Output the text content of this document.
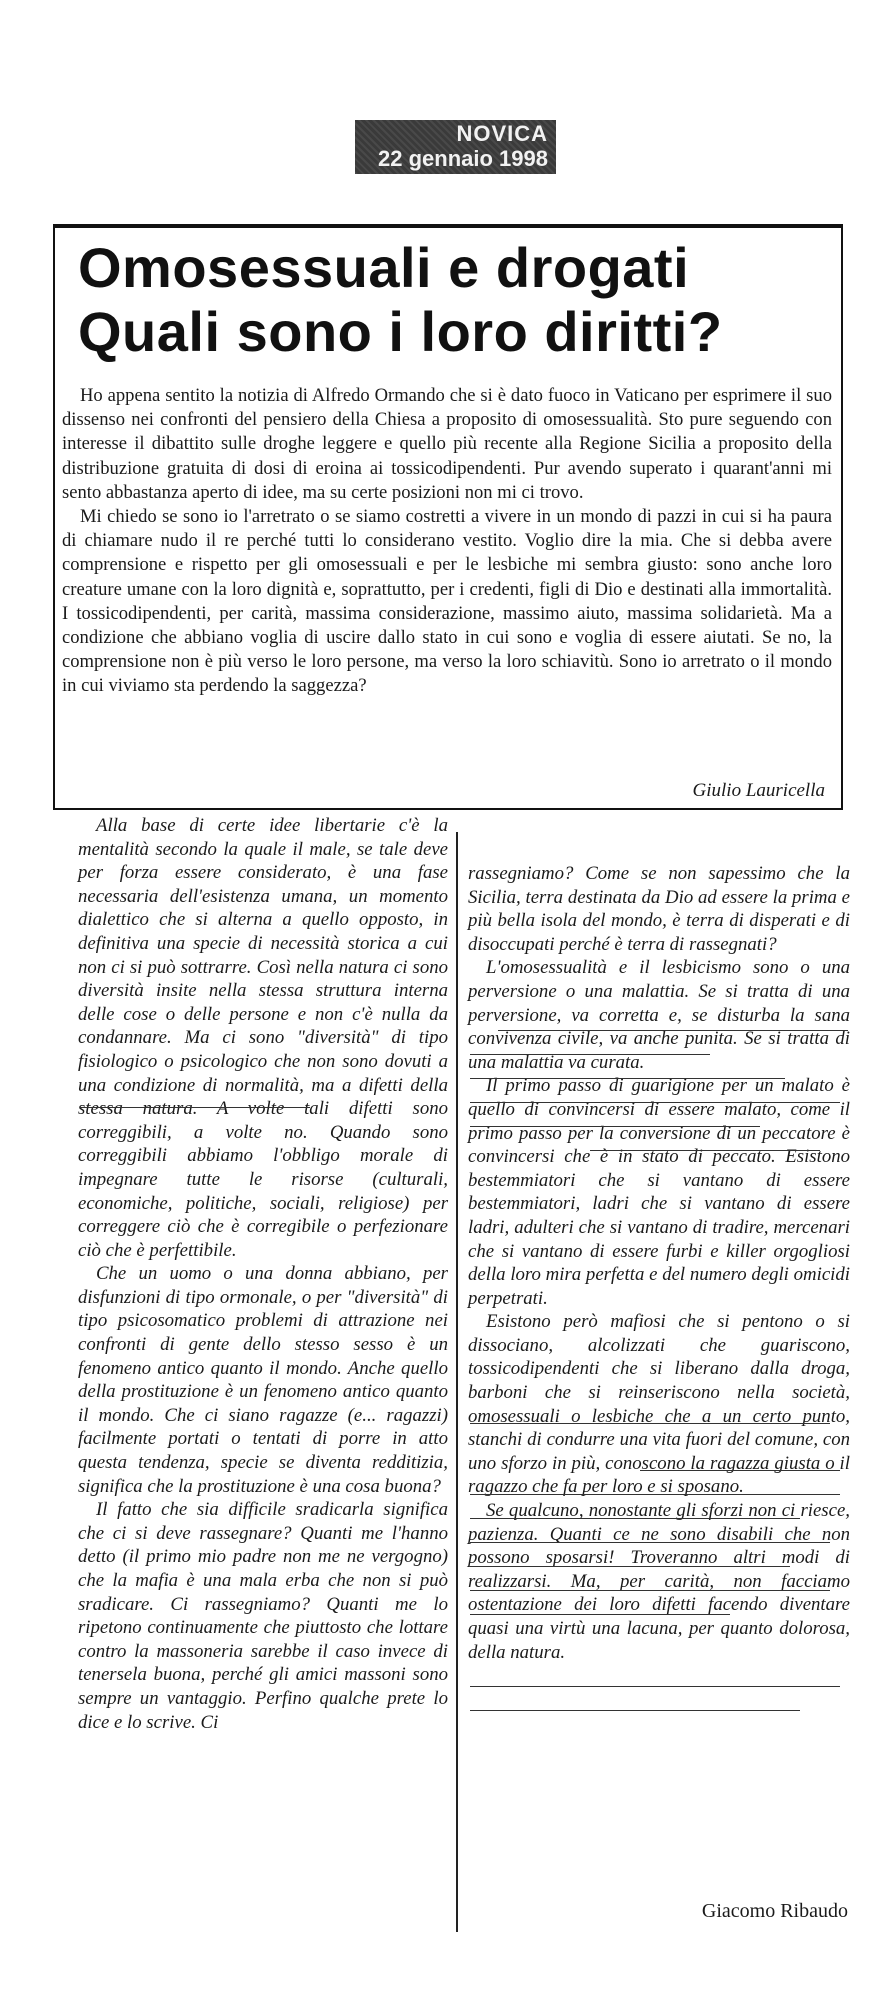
NOVICA
22 gennaio 1998
Omosessuali e drogati
Quali sono i loro diritti?

Ho appena sentito la notizia di Alfredo Ormando che si è dato fuoco in Vaticano per esprimere il suo dissenso nei confronti del pensiero della Chiesa a proposito di omosessualità. Sto pure seguendo con interesse il dibattito sulle droghe leggere e quello più recente alla Regione Sicilia a proposito della distribuzione gratuita di dosi di eroina ai tossicodipendenti. Pur avendo superato i quarant'anni mi sento abbastanza aperto di idee, ma su certe posizioni non mi ci trovo.

Mi chiedo se sono io l'arretrato o se siamo costretti a vivere in un mondo di pazzi in cui si ha paura di chiamare nudo il re perché tutti lo considerano vestito. Voglio dire la mia. Che si debba avere comprensione e rispetto per gli omosessuali e per le lesbiche mi sembra giusto: sono anche loro creature umane con la loro dignità e, soprattutto, per i credenti, figli di Dio e destinati alla immortalità. I tossicodipendenti, per carità, massima considerazione, massimo aiuto, massima solidarietà. Ma a condizione che abbiano voglia di uscire dallo stato in cui sono e voglia di essere aiutati. Se no, la comprensione non è più verso le loro persone, ma verso la loro schiavitù. Sono io arretrato o il mondo in cui viviamo sta perdendo la saggezza?

Giulio Lauricella

Alla base di certe idee libertarie c'è la mentalità secondo la quale il male, se tale deve per forza essere considerato, è una fase necessaria dell'esistenza umana, un momento dialettico che si alterna a quello opposto, in definitiva una specie di necessità storica a cui non ci si può sottrarre. Così nella natura ci sono diversità insite nella stessa struttura interna delle cose o delle persone e non c'è nulla da condannare. Ma ci sono "diversità" di tipo fisiologico o psicologico che non sono dovuti a una condizione di normalità, ma a difetti della stessa natura. A volte tali difetti sono correggibili, a volte no. Quando sono correggibili abbiamo l'obbligo morale di impegnare tutte le risorse (culturali, economiche, politiche, sociali, religiose) per correggere ciò che è corregibile o perfezionare ciò che è perfettibile.

Che un uomo o una donna abbiano, per disfunzioni di tipo ormonale, o per "diversità" di tipo psicosomatico problemi di attrazione nei confronti di gente dello stesso sesso è un fenomeno antico quanto il mondo. Anche quello della prostituzione è un fenomeno antico quanto il mondo. Che ci siano ragazze (e... ragazzi) facilmente portati o tentati di porre in atto questa tendenza, specie se diventa redditizia, significa che la prostituzione è una cosa buona?

Il fatto che sia difficile sradicarla significa che ci si deve rassegnare? Quanti me l'hanno detto (il primo mio padre non me ne vergogno) che la mafia è una mala erba che non si può sradicare. Ci rassegniamo? Quanti me lo ripetono continuamente che piuttosto che lottare contro la massoneria sarebbe il caso invece di tenersela buona, perché gli amici massoni sono sempre un vantaggio. Perfino qualche prete lo dice e lo scrive. Ci

rassegniamo? Come se non sapessimo che la Sicilia, terra destinata da Dio ad essere la prima e più bella isola del mondo, è terra di disperati e di disoccupati perché è terra di rassegnati?

L'omosessualità e il lesbicismo sono o una perversione o una malattia. Se si tratta di una perversione, va corretta e, se disturba la sana convivenza civile, va anche punita. Se si tratta di una malattia va curata.

Il primo passo di guarigione per un malato è quello di convincersi di essere malato, come il primo passo per la conversione di un peccatore è convincersi che è in stato di peccato. Esistono bestemmiatori che si vantano di essere bestemmiatori, ladri che si vantano di essere ladri, adulteri che si vantano di tradire, mercenari che si vantano di essere furbi e killer orgogliosi della loro mira perfetta e del numero degli omicidi perpetrati.

Esistono però mafiosi che si pentono o si dissociano, alcolizzati che guariscono, tossicodipendenti che si liberano dalla droga, barboni che si reinseriscono nella società, omosessuali o lesbiche che a un certo punto, stanchi di condurre una vita fuori del comune, con uno sforzo in più, conoscono la ragazza giusta o il ragazzo che fa per loro e si sposano.

Se qualcuno, nonostante gli sforzi non ci riesce, pazienza. Quanti ce ne sono disabili che non possono sposarsi! Troveranno altri modi di realizzarsi. Ma, per carità, non facciamo ostentazione dei loro difetti facendo diventare quasi una virtù una lacuna, per quanto dolorosa, della natura.

Giacomo Ribaudo
